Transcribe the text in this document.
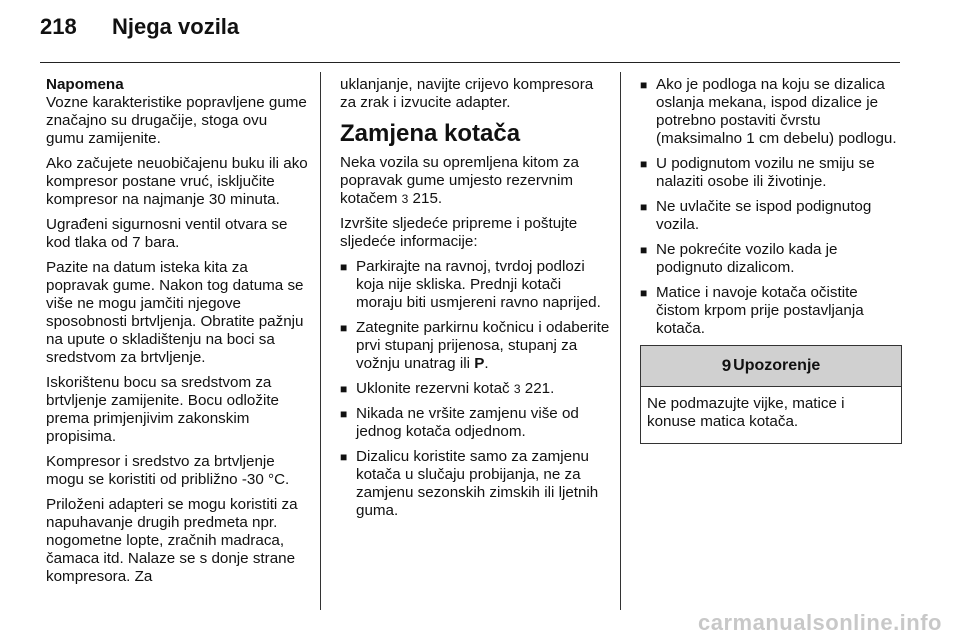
218	Njega vozila
Napomena

Vozne karakteristike popravljene gume značajno su drugačije, stoga ovu gumu zamijenite.

Ako začujete neuobičajenu buku ili ako kompresor postane vruć, isključite kompresor na najmanje 30 minuta.

Ugrađeni sigurnosni ventil otvara se kod tlaka od 7 bara.

Pazite na datum isteka kita za popravak gume. Nakon tog datuma se više ne mogu jamčiti njegove sposobnosti brtvljenja. Obratite pažnju na upute o skladištenju na boci sa sredstvom za brtvljenje.

Iskorištenu bocu sa sredstvom za brtvljenje zamijenite. Bocu odložite prema primjenjivim zakonskim propisima.

Kompresor i sredstvo za brtvljenje mogu se koristiti od približno -30 °C.

Priloženi adapteri se mogu koristiti za napuhavanje drugih predmeta npr. nogometne lopte, zračnih madraca, čamaca itd. Nalaze se s donje strane kompresora. Za

uklanjanje, navijte crijevo kompresora za zrak i izvucite adapter.

Zamjena kotača

Neka vozila su opremljena kitom za popravak gume umjesto rezervnim kotačem 3 215.

Izvršite sljedeće pripreme i poštujte sljedeće informacije:

■ Parkirajte na ravnoj, tvrdoj podlozi koja nije skliska. Prednji kotači moraju biti usmjereni ravno naprijed.
■ Zategnite parkirnu kočnicu i odaberite prvi stupanj prijenosa, stupanj za vožnju unatrag ili P.
■ Uklonite rezervni kotač 3 221.
■ Nikada ne vršite zamjenu više od jednog kotača odjednom.
■ Dizalicu koristite samo za zamjenu kotača u slučaju probijanja, ne za zamjenu sezonskih zimskih ili ljetnih guma.
■ Ako je podloga na koju se dizalica oslanja mekana, ispod dizalice je potrebno postaviti čvrstu (maksimalno 1 cm debelu) podlogu.
■ U podignutom vozilu ne smiju se nalaziti osobe ili životinje.
■ Ne uvlačite se ispod podignutog vozila.
■ Ne pokrećite vozilo kada je podignuto dizalicom.
■ Matice i navoje kotača očistite čistom krpom prije postavljanja kotača.
9 Upozorenje
Ne podmazujte vijke, matice i konuse matica kotača.
carmanualsonline.info
